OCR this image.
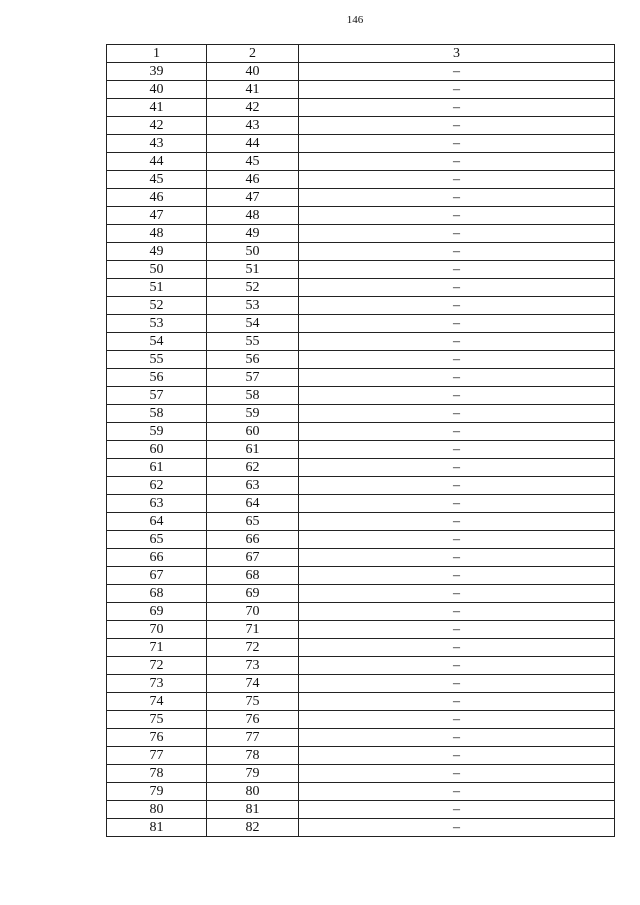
146
1	2	3
39	40	–
40	41	–
41	42	–
42	43	–
43	44	–
44	45	–
45	46	–
46	47	–
47	48	–
48	49	–
49	50	–
50	51	–
51	52	–
52	53	–
53	54	–
54	55	–
55	56	–
56	57	–
57	58	–
58	59	–
59	60	–
60	61	–
61	62	–
62	63	–
63	64	–
64	65	–
65	66	–
66	67	–
67	68	–
68	69	–
69	70	–
70	71	–
71	72	–
72	73	–
73	74	–
74	75	–
75	76	–
76	77	–
77	78	–
78	79	–
79	80	–
80	81	–
81	82	–
